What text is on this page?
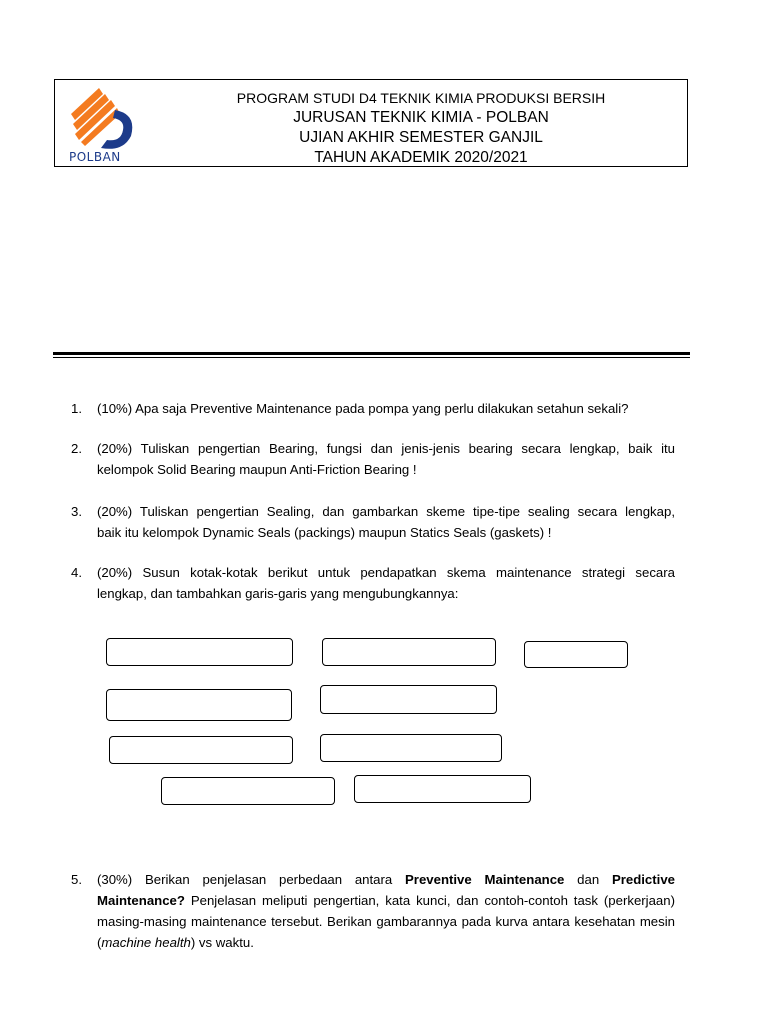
POLBAN
PROGRAM STUDI D4 TEKNIK KIMIA PRODUKSI BERSIH
JURUSAN TEKNIK KIMIA - POLBAN
UJIAN AKHIR SEMESTER GANJIL
TAHUN AKADEMIK 2020/2021
1.	(10%) Apa saja Preventive Maintenance pada pompa yang perlu dilakukan setahun sekali?

2.	(20%) Tuliskan pengertian Bearing, fungsi dan jenis-jenis bearing secara lengkap, baik itu

kelompok Solid Bearing maupun Anti-Friction Bearing !

3.	(20%) Tuliskan pengertian Sealing, dan gambarkan skeme tipe-tipe sealing secara lengkap,

baik itu kelompok Dynamic Seals (packings) maupun Statics Seals (gaskets) !

4.	(20%) Susun kotak-kotak berikut untuk pendapatkan skema maintenance strategi secara

lengkap, dan tambahkan garis-garis yang mengubungkannya:

5.	(30%) Berikan penjelasan perbedaan antara Preventive Maintenance dan Predictive Maintenance? Penjelasan meliputi pengertian, kata kunci, dan contoh-contoh task (perkerjaan) masing-masing maintenance tersebut. Berikan gambarannya pada kurva antara kesehatan mesin (machine health) vs waktu.
